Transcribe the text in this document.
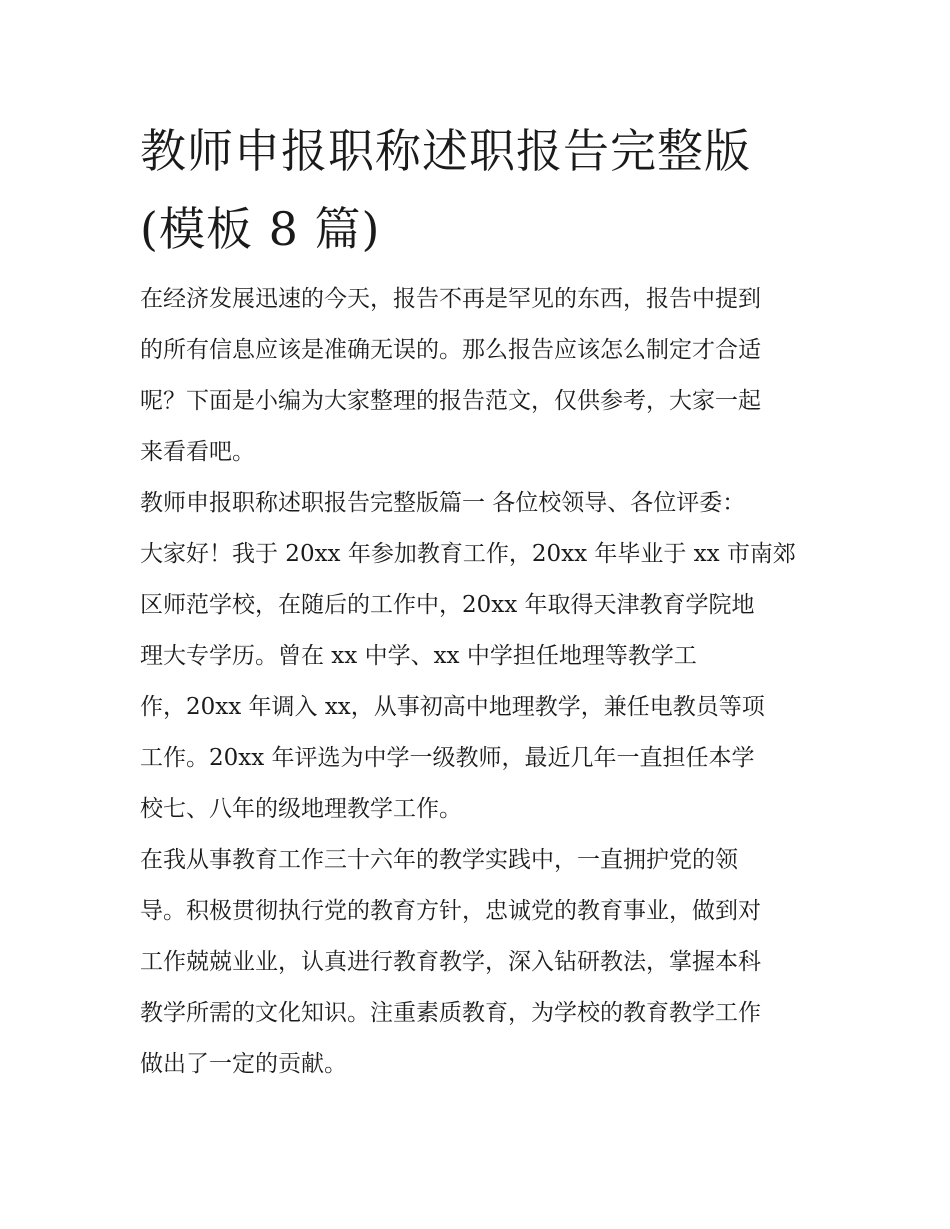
教师申报职称述职报告完整版
(模板 8 篇)
在经济发展迅速的今天，报告不再是罕见的东西，报告中提到
的所有信息应该是准确无误的。那么报告应该怎么制定才合适
呢？下面是小编为大家整理的报告范文，仅供参考，大家一起
来看看吧。
教师申报职称述职报告完整版篇一 各位校领导、各位评委：
大家好！我于 20xx 年参加教育工作，20xx 年毕业于 xx 市南郊
区师范学校，在随后的工作中，20xx 年取得天津教育学院地
理大专学历。曾在 xx 中学、xx 中学担任地理等教学工
作，20xx 年调入 xx，从事初高中地理教学，兼任电教员等项
工作。20xx 年评选为中学一级教师，最近几年一直担任本学
校七、八年的级地理教学工作。
在我从事教育工作三十六年的教学实践中，一直拥护党的领
导。积极贯彻执行党的教育方针，忠诚党的教育事业，做到对
工作兢兢业业，认真进行教育教学，深入钻研教法，掌握本科
教学所需的文化知识。注重素质教育，为学校的教育教学工作
做出了一定的贡献。
